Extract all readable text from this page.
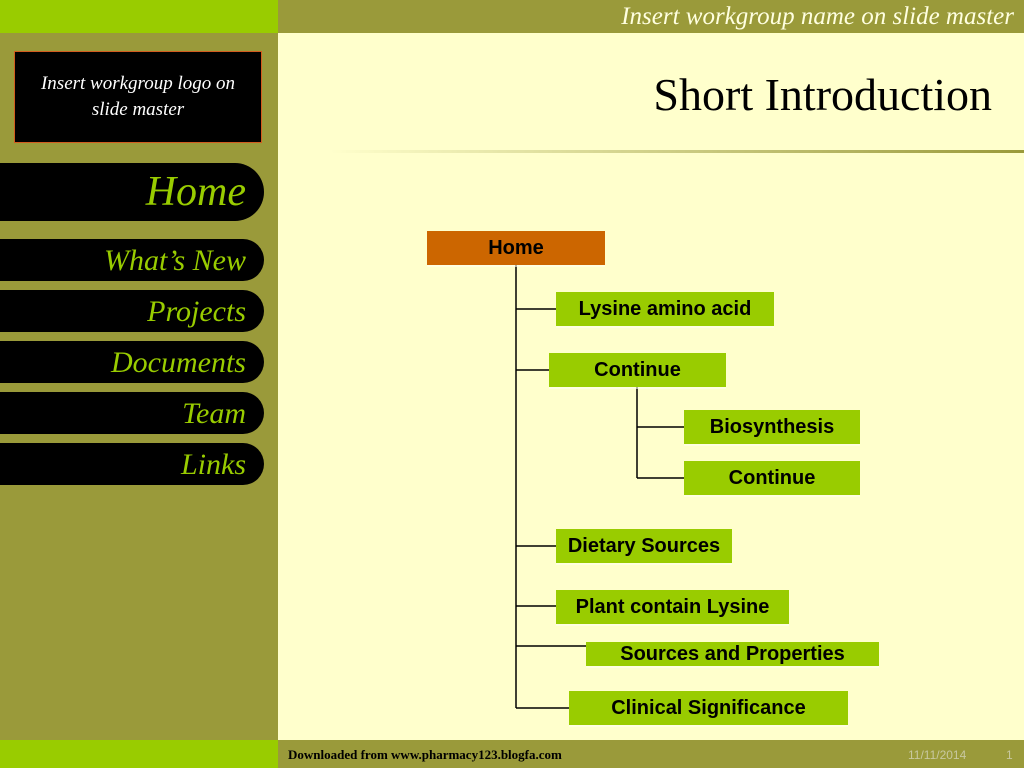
Insert workgroup name on slide master
Insert workgroup logo on slide master
Home
What’s New
Projects
Documents
Team
Links
Short Introduction
Home
Lysine amino acid
Continue
Biosynthesis
Continue
Dietary Sources
Plant contain Lysine
Sources and Properties
Clinical Significance
Downloaded from www.pharmacy123.blogfa.com	11/11/2014	1
